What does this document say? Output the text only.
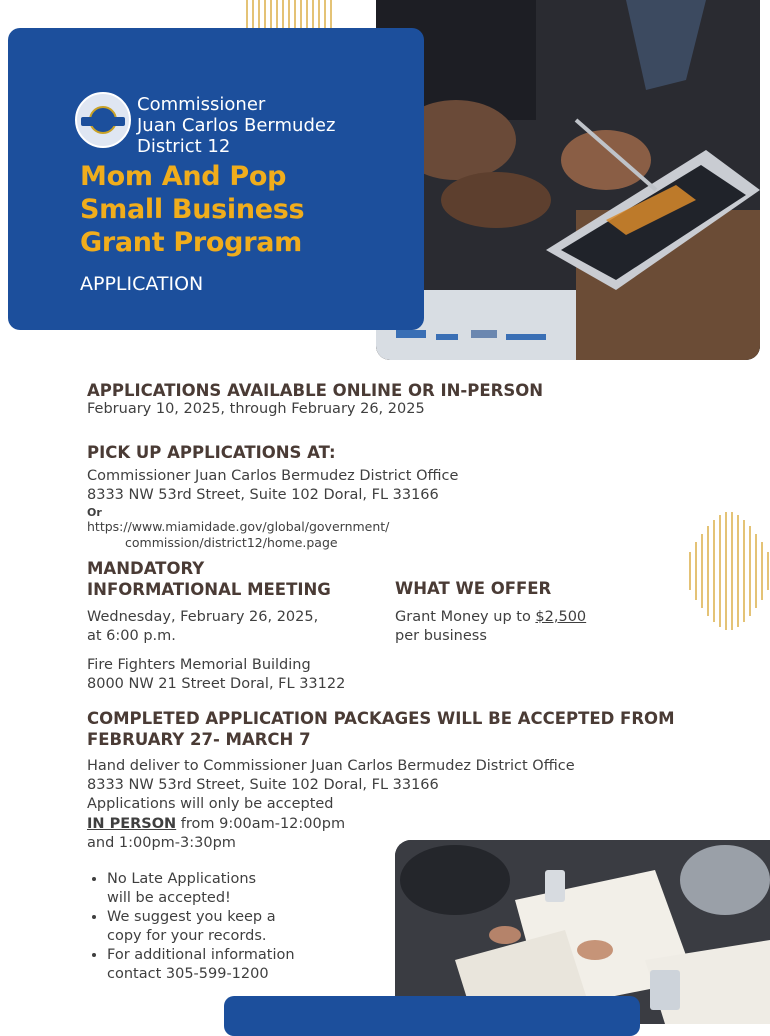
Commissioner
Juan Carlos Bermudez
District 12
Mom And Pop
Small Business
Grant Program
APPLICATION
APPLICATIONS AVAILABLE ONLINE OR IN-PERSON
February 10, 2025, through February 26, 2025
PICK UP APPLICATIONS AT:
Commissioner Juan Carlos Bermudez District Office
8333 NW 53rd Street, Suite 102 Doral, FL 33166
Or
https://www.miamidade.gov/global/government/
commission/district12/home.page
MANDATORY
INFORMATIONAL MEETING
Wednesday, February 26, 2025,
at 6:00 p.m.
Fire Fighters Memorial Building
8000 NW 21 Street Doral, FL 33122
WHAT WE OFFER
Grant Money up to $2,500
per business
COMPLETED APPLICATION PACKAGES WILL BE ACCEPTED FROM
FEBRUARY 27- MARCH 7
Hand deliver to Commissioner Juan Carlos Bermudez District Office
8333 NW 53rd Street, Suite 102 Doral, FL 33166
Applications will only be accepted
IN PERSON from 9:00am-12:00pm
and 1:00pm-3:30pm
• No Late Applications
will be accepted!
• We suggest you keep a
copy for your records.
• For additional information
contact 305-599-1200
